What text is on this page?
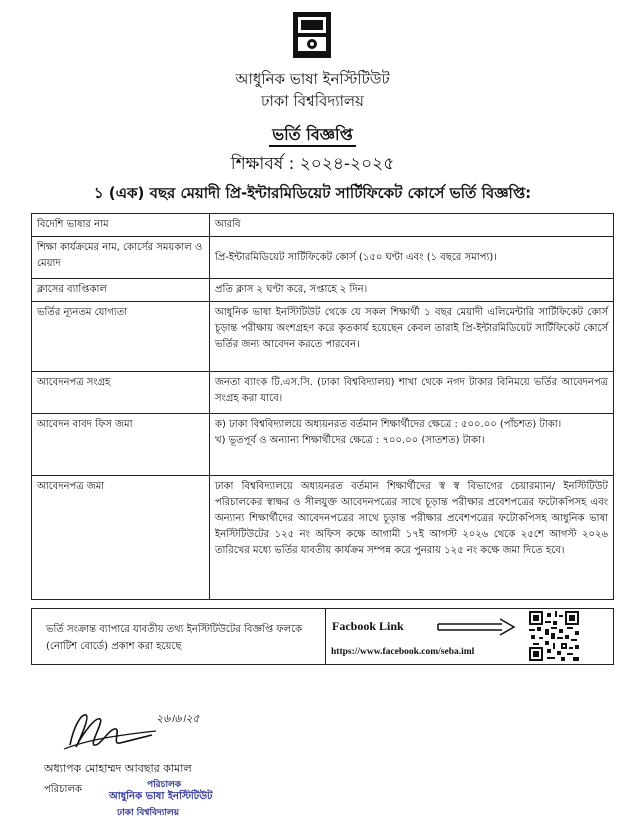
আধুনিক ভাষা ইনস্টিটিউট
ঢাকা বিশ্ববিদ্যালয়
ভর্তি বিজ্ঞপ্তি
শিক্ষাবর্ষ : ২০২৪-২০২৫
১ (এক) বছর মেয়াদী প্রি-ইন্টারমিডিয়েট সার্টিফিকেট কোর্সে ভর্তি বিজ্ঞপ্তি:
বিদেশি ভাষার নাম	আরবি
শিক্ষা কার্যক্রমের নাম, কোর্সের সময়কাল ও মেয়াদ	প্রি-ইন্টারমিডিয়েট সার্টিফিকেট কোর্স (১৫০ ঘণ্টা এবং (১ বছরে সমাপ্য)।
ক্লাসের ব্যাপ্তিকাল	প্রতি ক্লাস ২ ঘণ্টা করে, সপ্তাহে ২ দিন।
ভর্তির ন্যূনতম যোগ্যতা	আধুনিক ভাষা ইনস্টিটিউট থেকে যে সকল শিক্ষার্থী ১ বছর মেয়াদী এলিমেন্টারি সার্টিফিকেট কোর্স চূড়ান্ত পরীক্ষায় অংশগ্রহণ করে কৃতকার্য হয়েছেন কেবল তারাই প্রি-ইন্টারমিডিয়েট সার্টিফিকেট কোর্সে ভর্তির জন্য আবেদন করতে পারবেন।
আবেদনপত্র সংগ্রহ	জনতা ব্যাংক টি.এস.সি. (ঢাকা বিশ্ববিদ্যালয়) শাখা থেকে নগদ টাকার বিনিময়ে ভর্তির আবেদনপত্র সংগ্রহ করা যাবে।
আবেদন বাবদ ফিস জমা	ক) ঢাকা বিশ্ববিদ্যালয়ে অধ্যয়নরত বর্তমান শিক্ষার্থীদের ক্ষেত্রে : ৫০০.০০ (পাঁচশত) টাকা।
খ) ভূতপূর্ব ও অন্যান্য শিক্ষার্থীদের ক্ষেত্রে : ৭০০.০০ (সাতশত) টাকা।

আবেদনপত্র জমা	ঢাকা বিশ্ববিদ্যালয়ে অধ্যয়নরত বর্তমান শিক্ষার্থীদের স্ব স্ব বিভাগের চেয়ারম্যান/ ইনস্টিটিউট পরিচালকের স্বাক্ষর ও সীলযুক্ত আবেদনপত্রের সাথে চূড়ান্ত পরীক্ষার প্রবেশপত্রের ফটোকপিসহ এবং অন্যান্য শিক্ষার্থীদের আবেদনপত্রের সাথে চূড়ান্ত পরীক্ষার প্রবেশপত্রের ফটোকপিসহ আধুনিক ভাষা ইনস্টিটিউটের ১২৫ নং অফিস কক্ষে আগামী ১৭ই আগস্ট ২০২৬ থেকে ২৫শে আগস্ট ২০২৬ তারিখের মধ্যে ভর্তির যাবতীয় কার্যক্রম সম্পন্ন করে পুনরায় ১২৫ নং কক্ষে জমা দিতে হবে।
ভর্তি সংক্রান্ত ব্যাপারে যাবতীয় তথ্য ইনস্টিটিউটের বিজ্ঞপ্তি ফলকে (নোটিশ বোর্ডে) প্রকাশ করা হয়েছে
Facbook Link
https://www.facebook.com/seba.iml
২৬।৬।২৫
অধ্যাপক মোহাম্মদ আবছার কামাল
পরিচালক	পরিচালক
আধুনিক ভাষা ইনস্টিটিউট
ঢাকা বিশ্ববিদ্যালয়
